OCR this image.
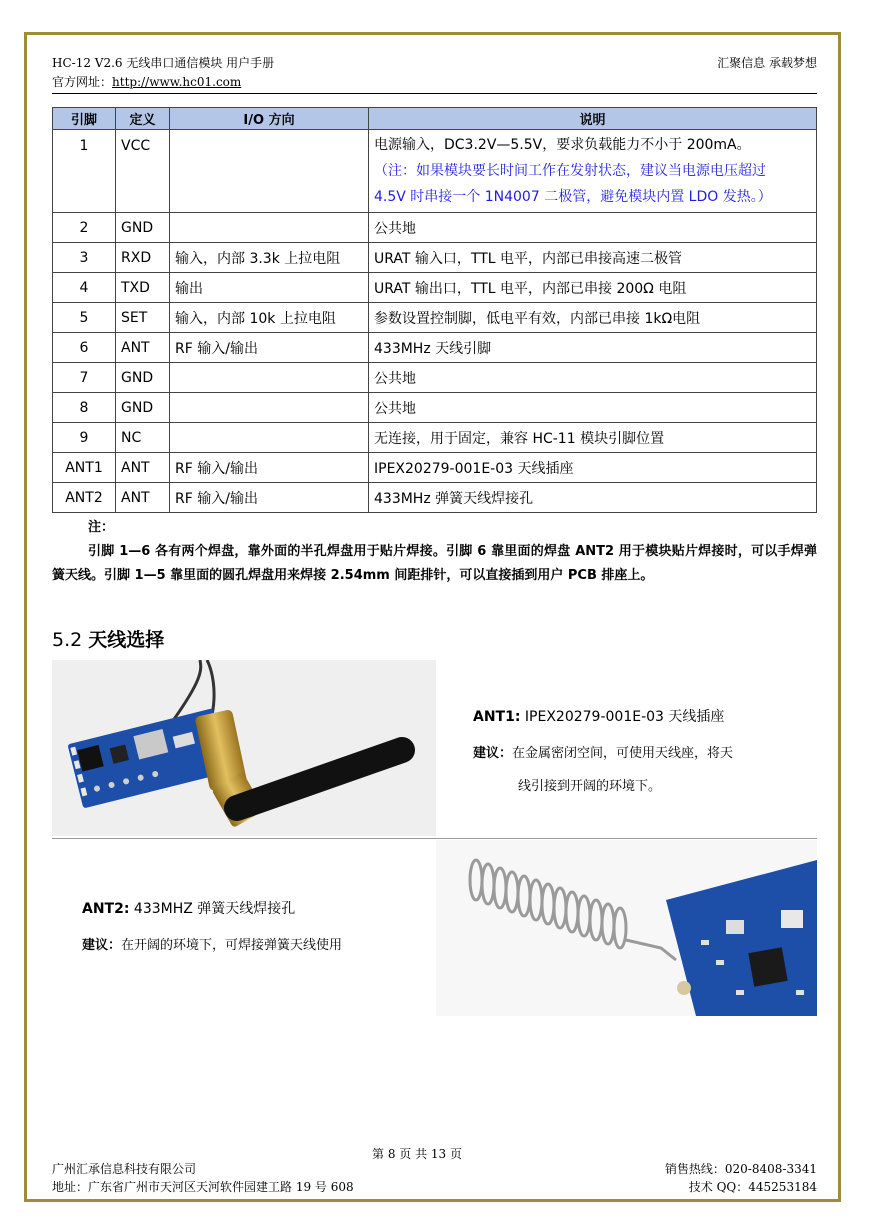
HC-12 V2.6 无线串口通信模块 用户手册
官方网址：http://www.hc01.com
汇聚信息 承载梦想
引脚	定义	I/O 方向	说明
1	VCC		电源输入，DC3.2V—5.5V，要求负载能力不小于 200mA。
（注：如果模块要长时间工作在发射状态，建议当电源电压超过
4.5V 时串接一个 1N4007 二极管，避免模块内置 LDO 发热。）

2	GND		公共地
3	RXD	输入，内部 3.3k 上拉电阻	URAT 输入口，TTL 电平，内部已串接高速二极管
4	TXD	输出	URAT 输出口，TTL 电平，内部已串接 200Ω 电阻
5	SET	输入，内部 10k 上拉电阻	参数设置控制脚，低电平有效，内部已串接 1kΩ电阻
6	ANT	RF 输入/输出	433MHz 天线引脚
7	GND		公共地
8	GND		公共地
9	NC		无连接，用于固定，兼容 HC-11 模块引脚位置
ANT1	ANT	RF 输入/输出	IPEX20279-001E-03 天线插座
ANT2	ANT	RF 输入/输出	433MHz 弹簧天线焊接孔
注：
引脚 1—6 各有两个焊盘，靠外面的半孔焊盘用于贴片焊接。引脚 6 靠里面的焊盘 ANT2 用于模块贴片焊接时，可以手焊弹簧天线。引脚 1—5 靠里面的圆孔焊盘用来焊接 2.54mm 间距排针，可以直接插到用户 PCB 排座上。
5.2 天线选择
ANT1: IPEX20279-001E-03 天线插座
建议：在金属密闭空间，可使用天线座，将天
线引接到开阔的环境下。
ANT2: 433MHZ 弹簧天线焊接孔
建议：在开阔的环境下，可焊接弹簧天线使用
第 8 页 共 13 页
广州汇承信息科技有限公司
地址：广东省广州市天河区天河软件园建工路 19 号 608
销售热线：020-8408-3341
技术 QQ：445253184
